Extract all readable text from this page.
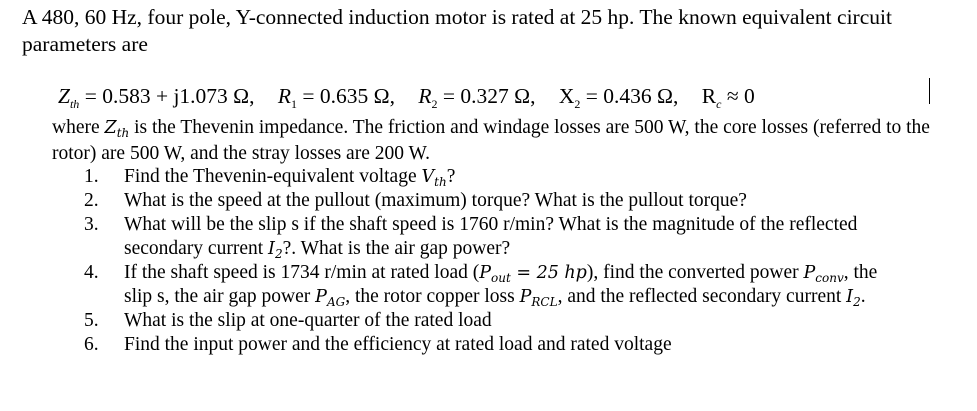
A 480, 60 Hz, four pole, Y-connected induction motor is rated at 25 hp. The known equivalent circuit parameters are
$Z_{th} = 0.583 + j1.073$ Ω, $R_1 = 0.635$ Ω, $R_2 = 0.327$ Ω, $X_2 = 0.436$ Ω, $R_c \approx 0$
where $Z_{th}$ is the Thevenin impedance. The friction and windage losses are 500 W, the core losses (referred to the rotor) are 500 W, and the stray losses are 200 W.
1. Find the Thevenin-equivalent voltage $V_{th}$?
2. What is the speed at the pullout (maximum) torque? What is the pullout torque?
3. What will be the slip s if the shaft speed is 1760 r/min? What is the magnitude of the reflected secondary current $I_2$?. What is the air gap power?
4. If the shaft speed is 1734 r/min at rated load ($P_{out} = 25$ hp), find the converted power $P_{conv}$, the slip s, the air gap power $P_{AG}$, the rotor copper loss $P_{RCL}$, and the reflected secondary current $I_2$.
5. What is the slip at one-quarter of the rated load
6. Find the input power and the efficiency at rated load and rated voltage
